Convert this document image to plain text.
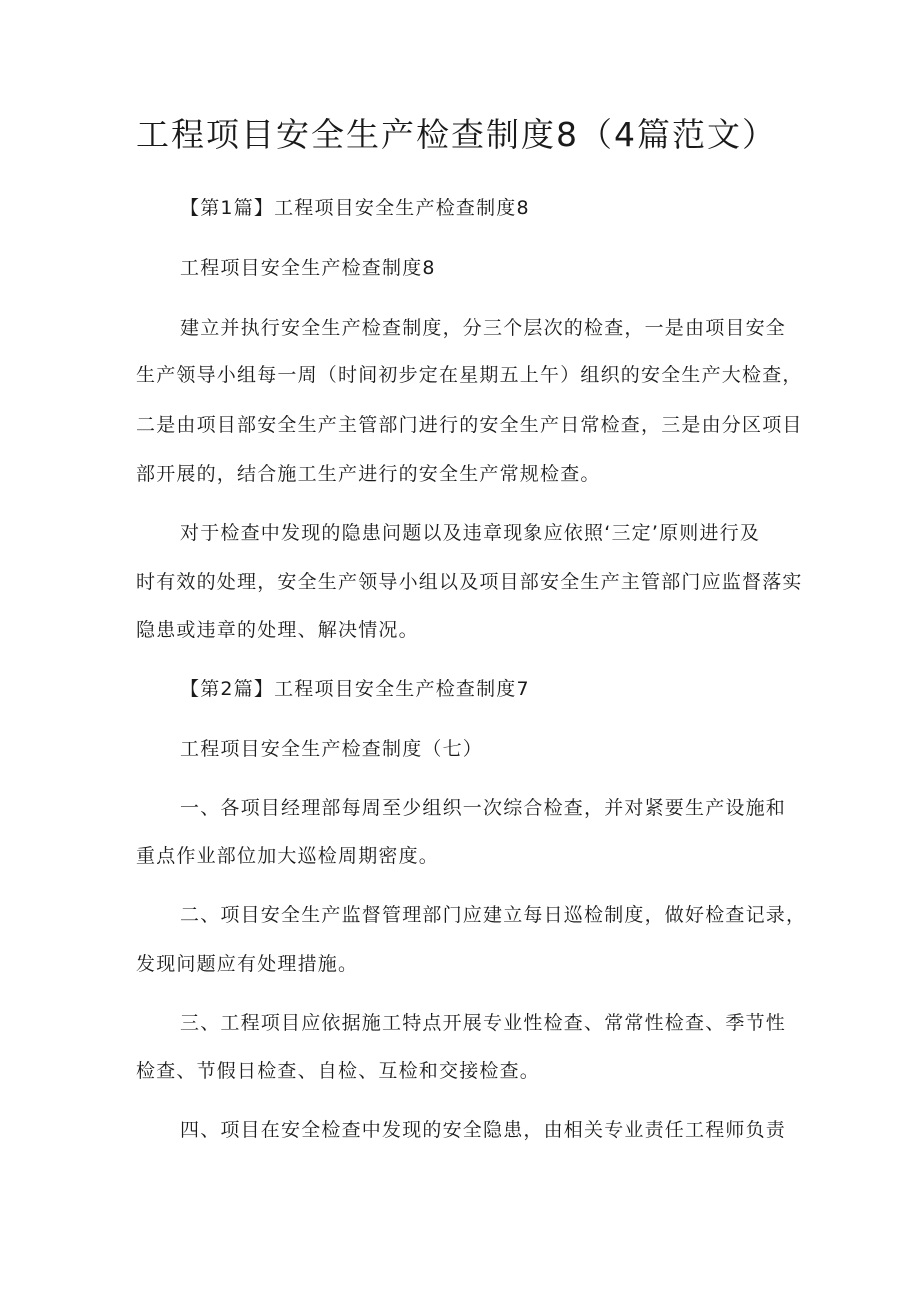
工程项目安全生产检查制度8（4篇范文）

【第1篇】工程项目安全生产检查制度8

工程项目安全生产检查制度8

建立并执行安全生产检查制度，分三个层次的检查，一是由项目安全

生产领导小组每一周（时间初步定在星期五上午）组织的安全生产大检查，

二是由项目部安全生产主管部门进行的安全生产日常检查，三是由分区项目

部开展的，结合施工生产进行的安全生产常规检查。

对于检查中发现的隐患问题以及违章现象应依照‘三定’原则进行及

时有效的处理，安全生产领导小组以及项目部安全生产主管部门应监督落实

隐患或违章的处理、解决情况。

【第2篇】工程项目安全生产检查制度7

工程项目安全生产检查制度（七）

一、各项目经理部每周至少组织一次综合检查，并对紧要生产设施和

重点作业部位加大巡检周期密度。

二、项目安全生产监督管理部门应建立每日巡检制度，做好检查记录，

发现问题应有处理措施。

三、工程项目应依据施工特点开展专业性检查、常常性检查、季节性

检查、节假日检查、自检、互检和交接检查。

四、项目在安全检查中发现的安全隐患，由相关专业责任工程师负责
